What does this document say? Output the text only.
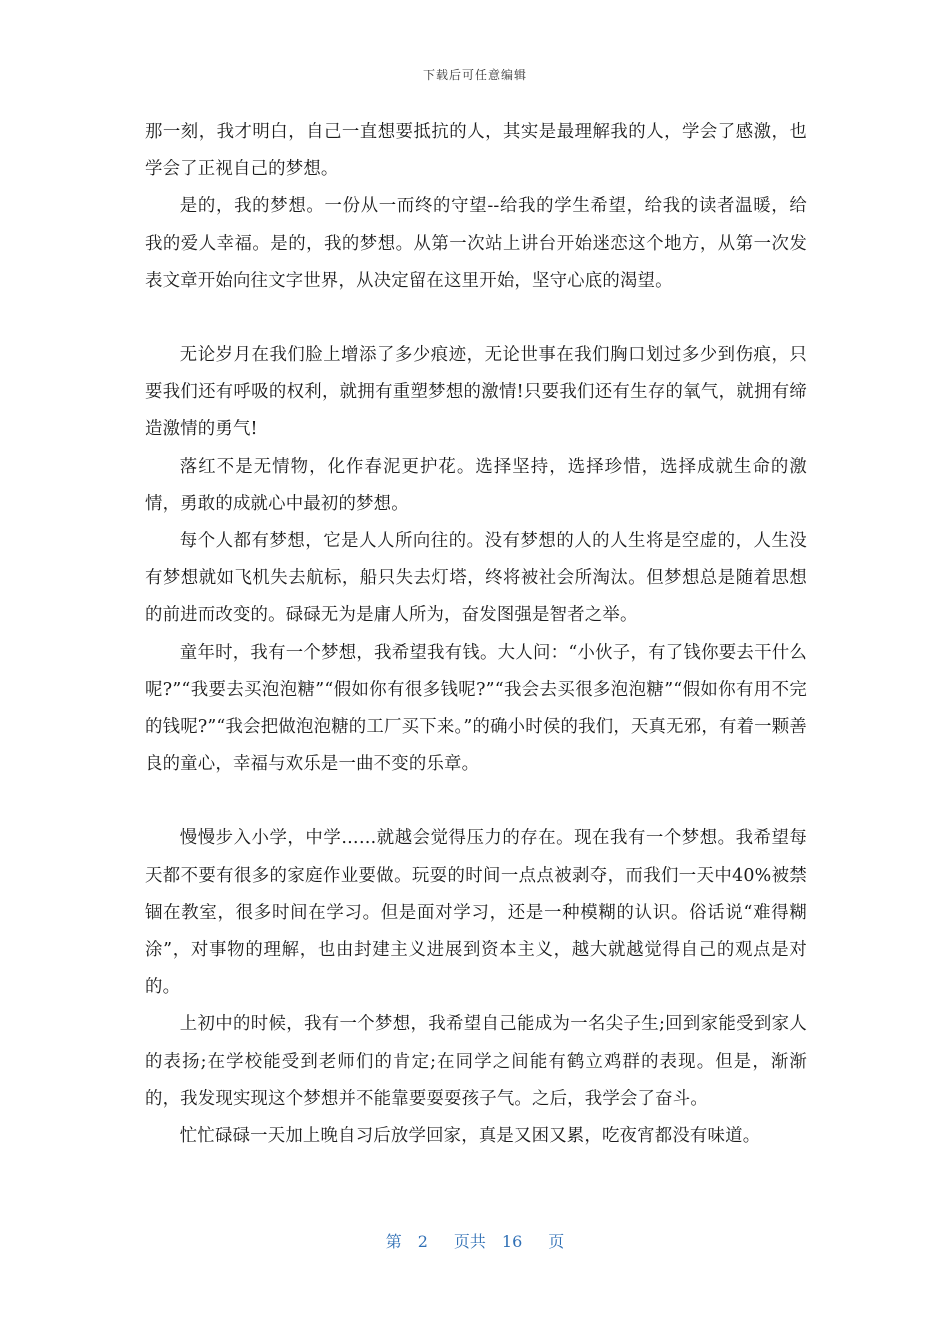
下载后可任意编辑

那一刻，我才明白，自己一直想要抵抗的人，其实是最理解我的人，学会了感激，也学会了正视自己的梦想。

是的，我的梦想。一份从一而终的守望--给我的学生希望，给我的读者温暖，给我的爱人幸福。是的，我的梦想。从第一次站上讲台开始迷恋这个地方，从第一次发表文章开始向往文字世界，从决定留在这里开始，坚守心底的渴望。

无论岁月在我们脸上增添了多少痕迹，无论世事在我们胸口划过多少到伤痕，只要我们还有呼吸的权利，就拥有重塑梦想的激情!只要我们还有生存的氧气，就拥有缔造激情的勇气!

落红不是无情物，化作春泥更护花。选择坚持，选择珍惜，选择成就生命的激情，勇敢的成就心中最初的梦想。

每个人都有梦想，它是人人所向往的。没有梦想的人的人生将是空虚的，人生没有梦想就如飞机失去航标，船只失去灯塔，终将被社会所淘汰。但梦想总是随着思想的前进而改变的。碌碌无为是庸人所为，奋发图强是智者之举。

童年时，我有一个梦想，我希望我有钱。大人问：“小伙子，有了钱你要去干什么呢?”“我要去买泡泡糖”“假如你有很多钱呢?”“我会去买很多泡泡糖”“假如你有用不完的钱呢?”“我会把做泡泡糖的工厂买下来。”的确小时侯的我们，天真无邪，有着一颗善良的童心，幸福与欢乐是一曲不变的乐章。

慢慢步入小学，中学……就越会觉得压力的存在。现在我有一个梦想。我希望每天都不要有很多的家庭作业要做。玩耍的时间一点点被剥夺，而我们一天中40%被禁锢在教室，很多时间在学习。但是面对学习，还是一种模糊的认识。俗话说“难得糊涂”，对事物的理解，也由封建主义进展到资本主义，越大就越觉得自己的观点是对的。

上初中的时候，我有一个梦想，我希望自己能成为一名尖子生;回到家能受到家人的表扬;在学校能受到老师们的肯定;在同学之间能有鹤立鸡群的表现。但是，渐渐的，我发现实现这个梦想并不能靠要耍耍孩子气。之后，我学会了奋斗。

忙忙碌碌一天加上晚自习后放学回家，真是又困又累，吃夜宵都没有味道。

第 2 页共 16 页
